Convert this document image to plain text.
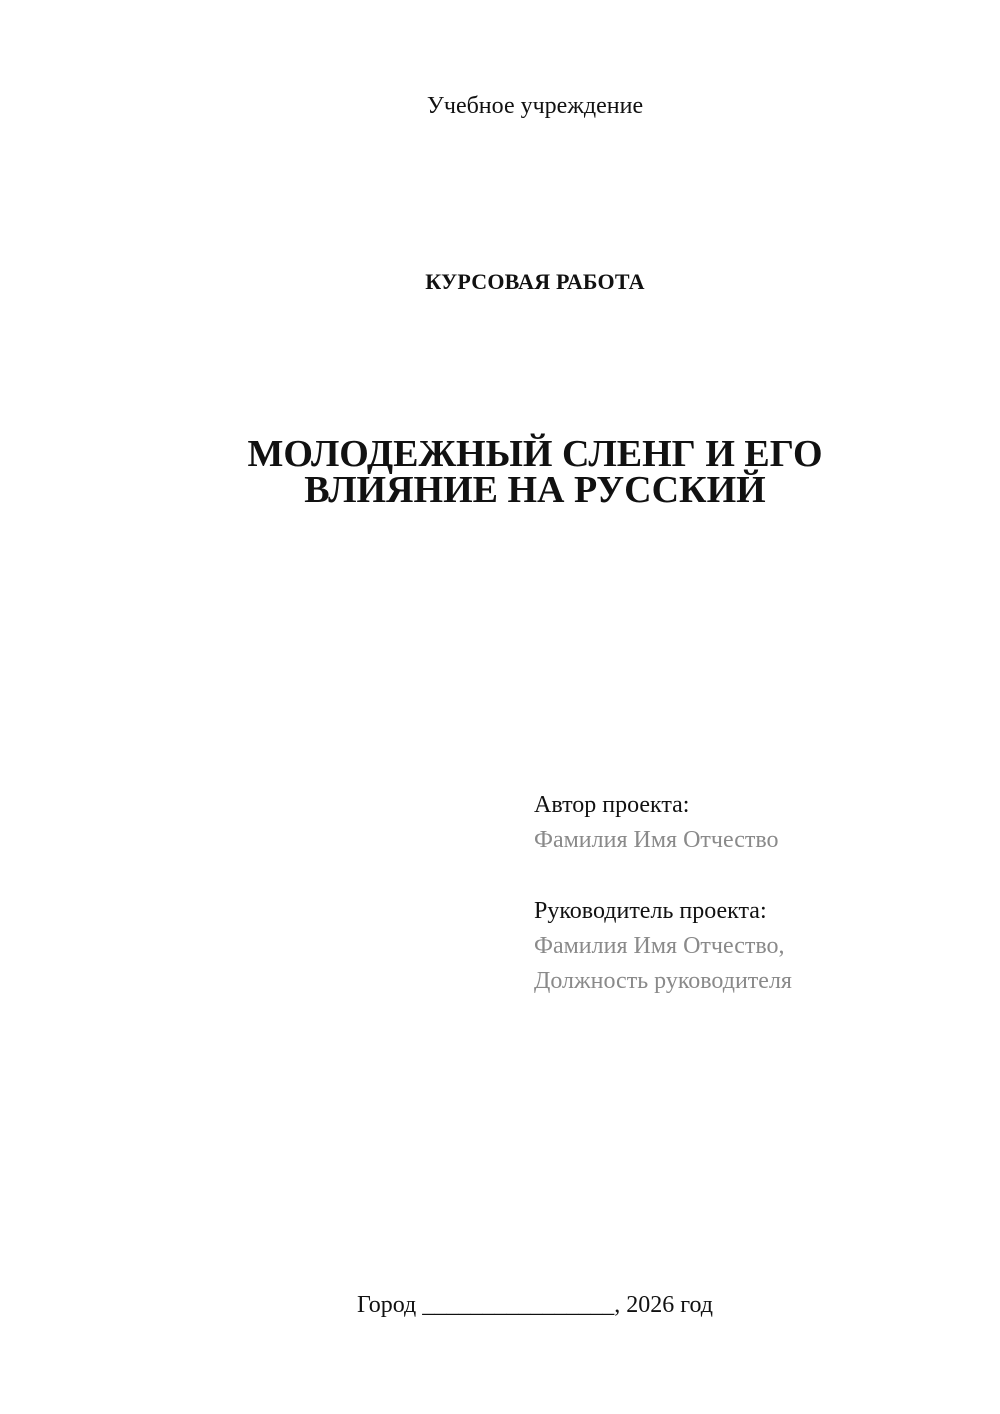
Учебное учреждение
КУРСОВАЯ РАБОТА
МОЛОДЕЖНЫЙ СЛЕНГ И ЕГО
ВЛИЯНИЕ НА РУССКИЙ
Автор проекта:
Фамилия Имя Отчество
Руководитель проекта:
Фамилия Имя Отчество,
Должность руководителя
Город ________________, 2026 год
